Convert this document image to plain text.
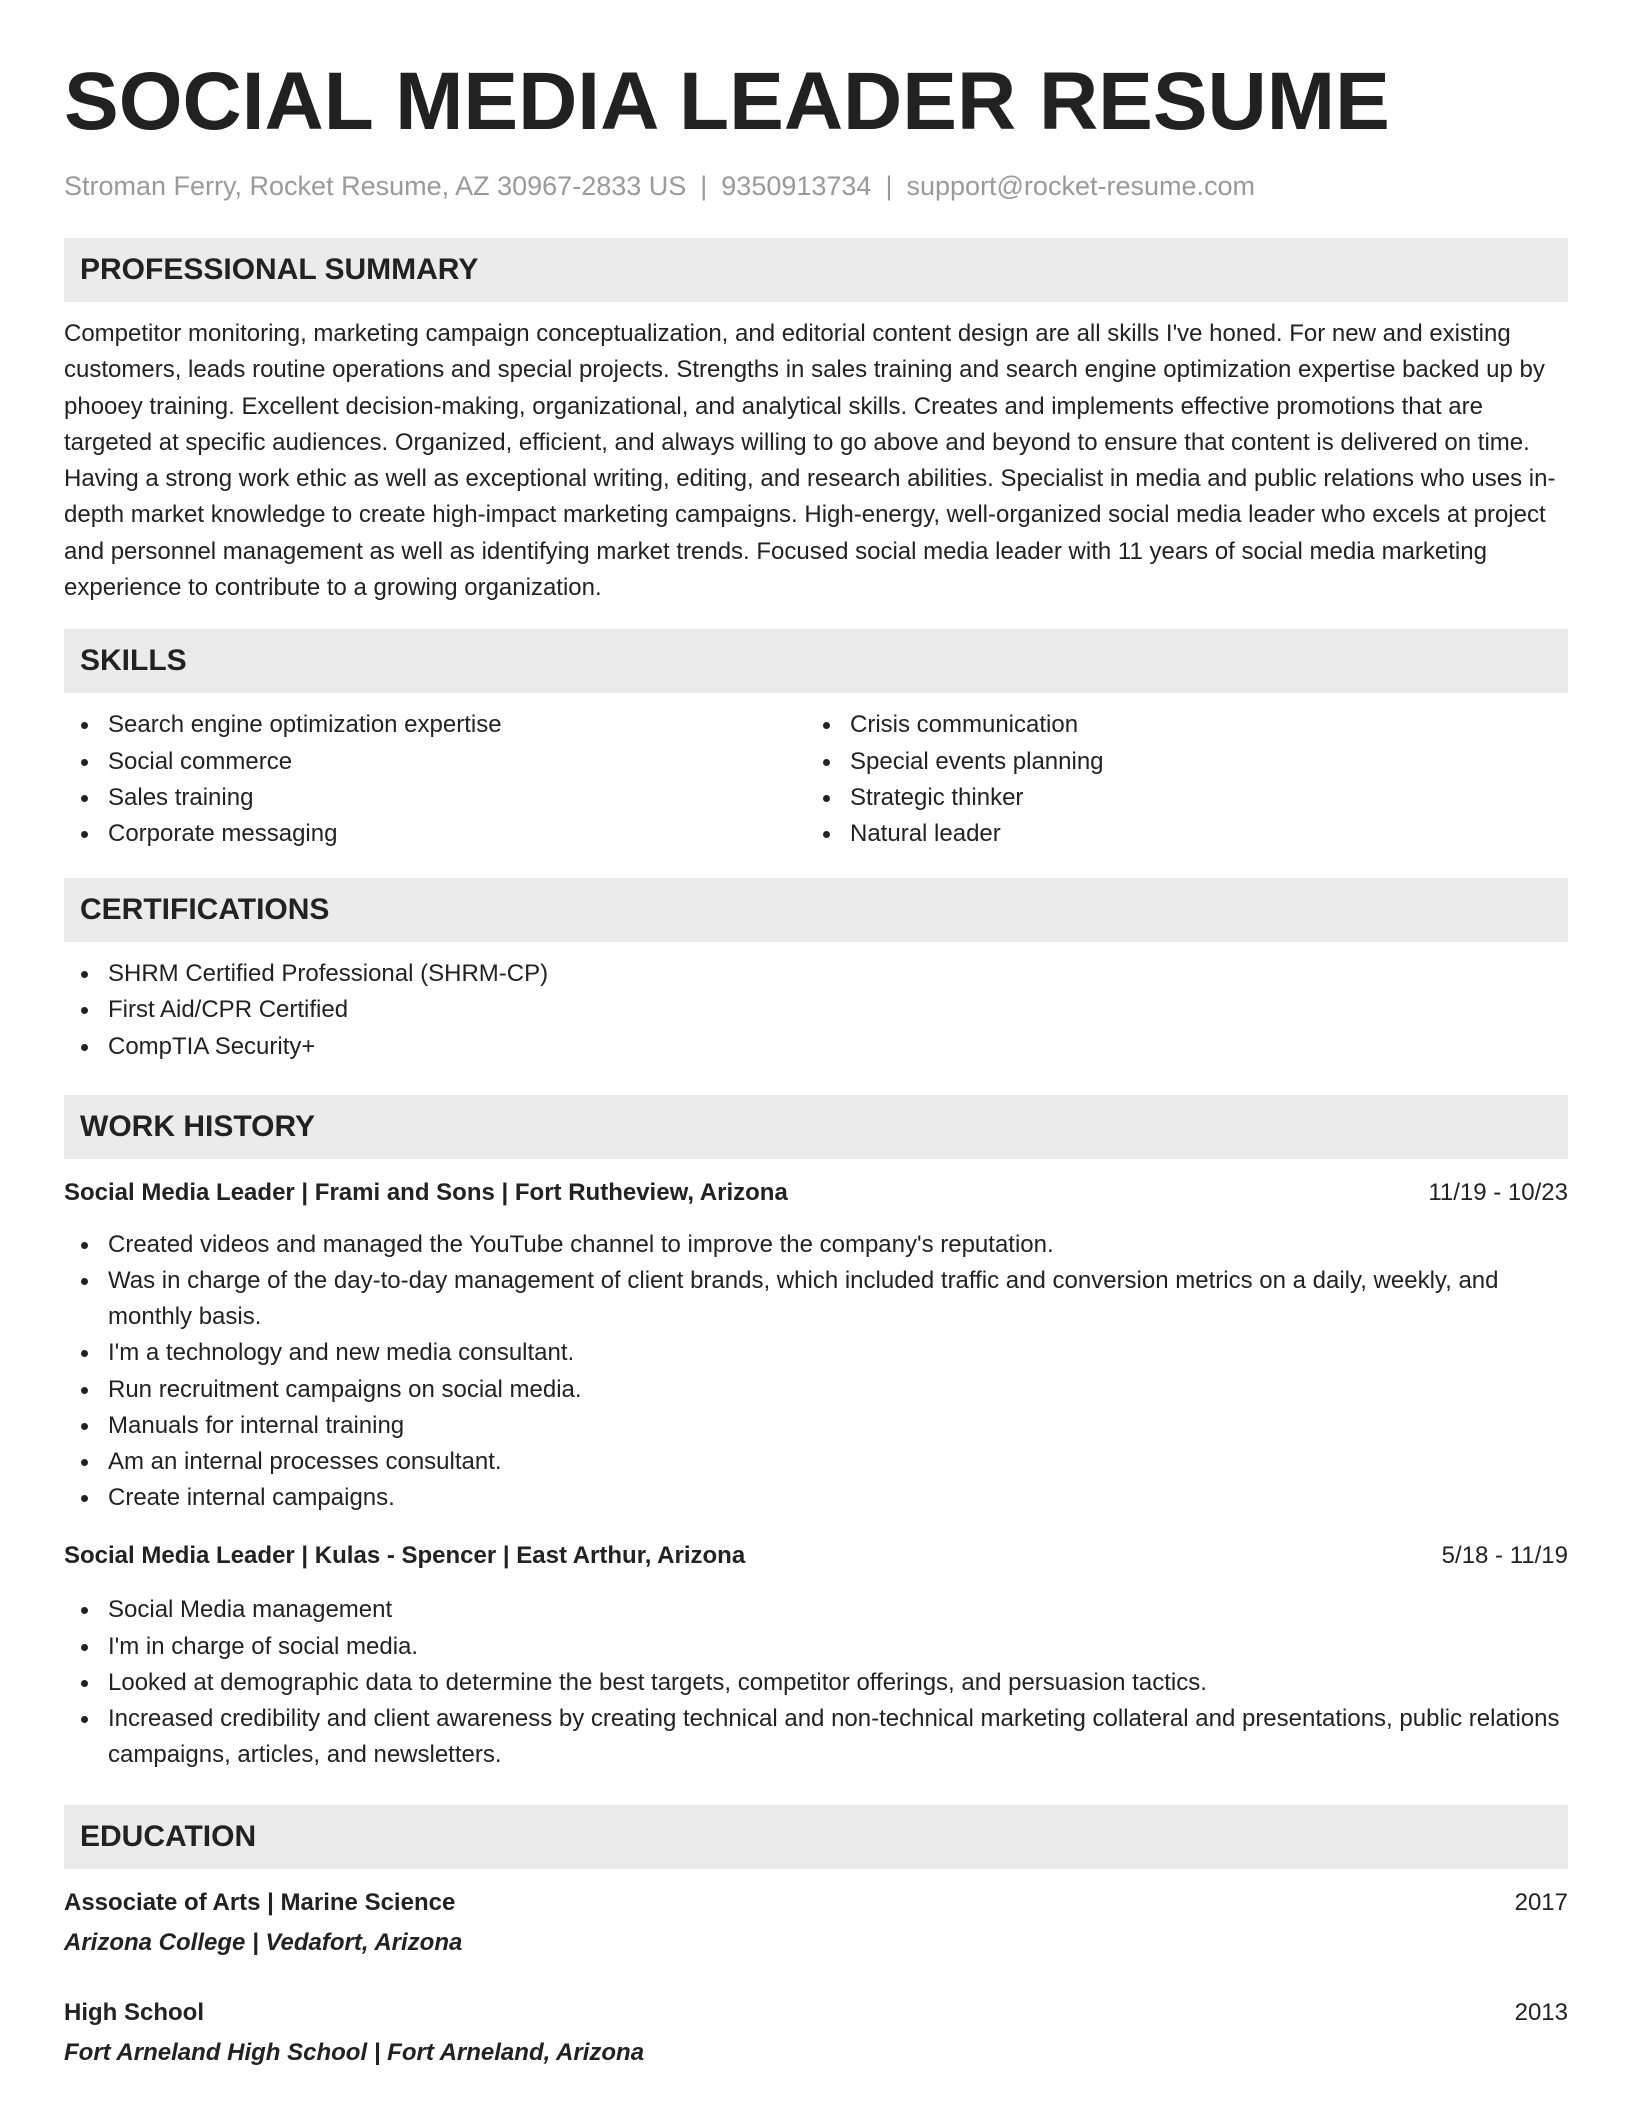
SOCIAL MEDIA LEADER RESUME
Stroman Ferry, Rocket Resume, AZ 30967-2833 US | 9350913734 | support@rocket-resume.com
PROFESSIONAL SUMMARY

Competitor monitoring, marketing campaign conceptualization, and editorial content design are all skills I've honed. For new and existing customers, leads routine operations and special projects. Strengths in sales training and search engine optimization expertise backed up by phooey training. Excellent decision-making, organizational, and analytical skills. Creates and implements effective promotions that are targeted at specific audiences. Organized, efficient, and always willing to go above and beyond to ensure that content is delivered on time. Having a strong work ethic as well as exceptional writing, editing, and research abilities. Specialist in media and public relations who uses in-depth market knowledge to create high-impact marketing campaigns. High-energy, well-organized social media leader who excels at project and personnel management as well as identifying market trends. Focused social media leader with 11 years of social media marketing experience to contribute to a growing organization.

SKILLS
Search engine optimization expertise
Social commerce
Sales training
Corporate messaging
Crisis communication
Special events planning
Strategic thinker
Natural leader
CERTIFICATIONS
SHRM Certified Professional (SHRM-CP)
First Aid/CPR Certified
CompTIA Security+
WORK HISTORY
Social Media Leader | Frami and Sons | Fort Rutheview, Arizona	11/19 - 10/23
Created videos and managed the YouTube channel to improve the company's reputation.
Was in charge of the day-to-day management of client brands, which included traffic and conversion metrics on a daily, weekly, and monthly basis.
I'm a technology and new media consultant.
Run recruitment campaigns on social media.
Manuals for internal training
Am an internal processes consultant.
Create internal campaigns.
Social Media Leader | Kulas - Spencer | East Arthur, Arizona	5/18 - 11/19
Social Media management
I'm in charge of social media.
Looked at demographic data to determine the best targets, competitor offerings, and persuasion tactics.
Increased credibility and client awareness by creating technical and non-technical marketing collateral and presentations, public relations campaigns, articles, and newsletters.
EDUCATION
Associate of Arts | Marine Science	2017
Arizona College | Vedafort, Arizona
High School	2013
Fort Arneland High School | Fort Arneland, Arizona
